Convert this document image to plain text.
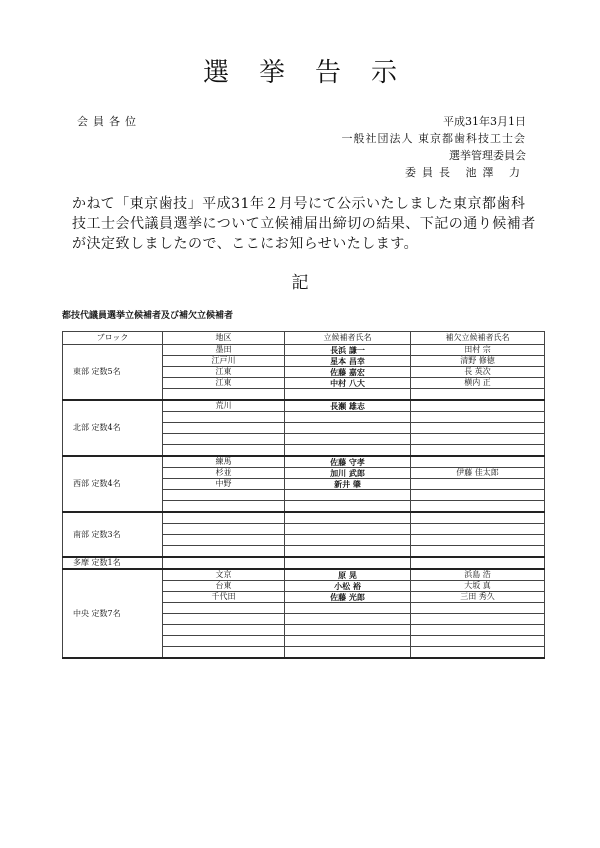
選挙告示
会員各位	平成31年3月1日
一般社団法人 東京都歯科技工士会
選挙管理委員会
委員長 池澤 力
かねて「東京歯技」平成31年２月号にて公示いたしました東京都歯科技工士会代議員選挙について立候補届出締切の結果、下記の通り候補者が決定致しましたので、ここにお知らせいたします。
記
都技代議員選挙立候補者及び補欠立候補者
ブロック	地区	立候補者氏名	補欠立候補者氏名
東部 定数5名	墨田	長浜 謙一	田村 宗
	江戸川	星本 昌幸	清野 修徳
	江東	佐藤 嘉宏	長 英次
	江東	中村 八大	横内 正

北部 定数4名	荒川	長瀬 雄志	

西部 定数4名	練馬	佐藤 守孝	
	杉並	加川 武郎	伊藤 佳太郎
	中野	新井 肇	

南部 定数3名			

多摩 定数1名			
中央 定数7名	文京	原 晃	浜島 浩
	台東	小松 裕	大坂 真
	千代田	佐藤 光郎	三田 秀久
